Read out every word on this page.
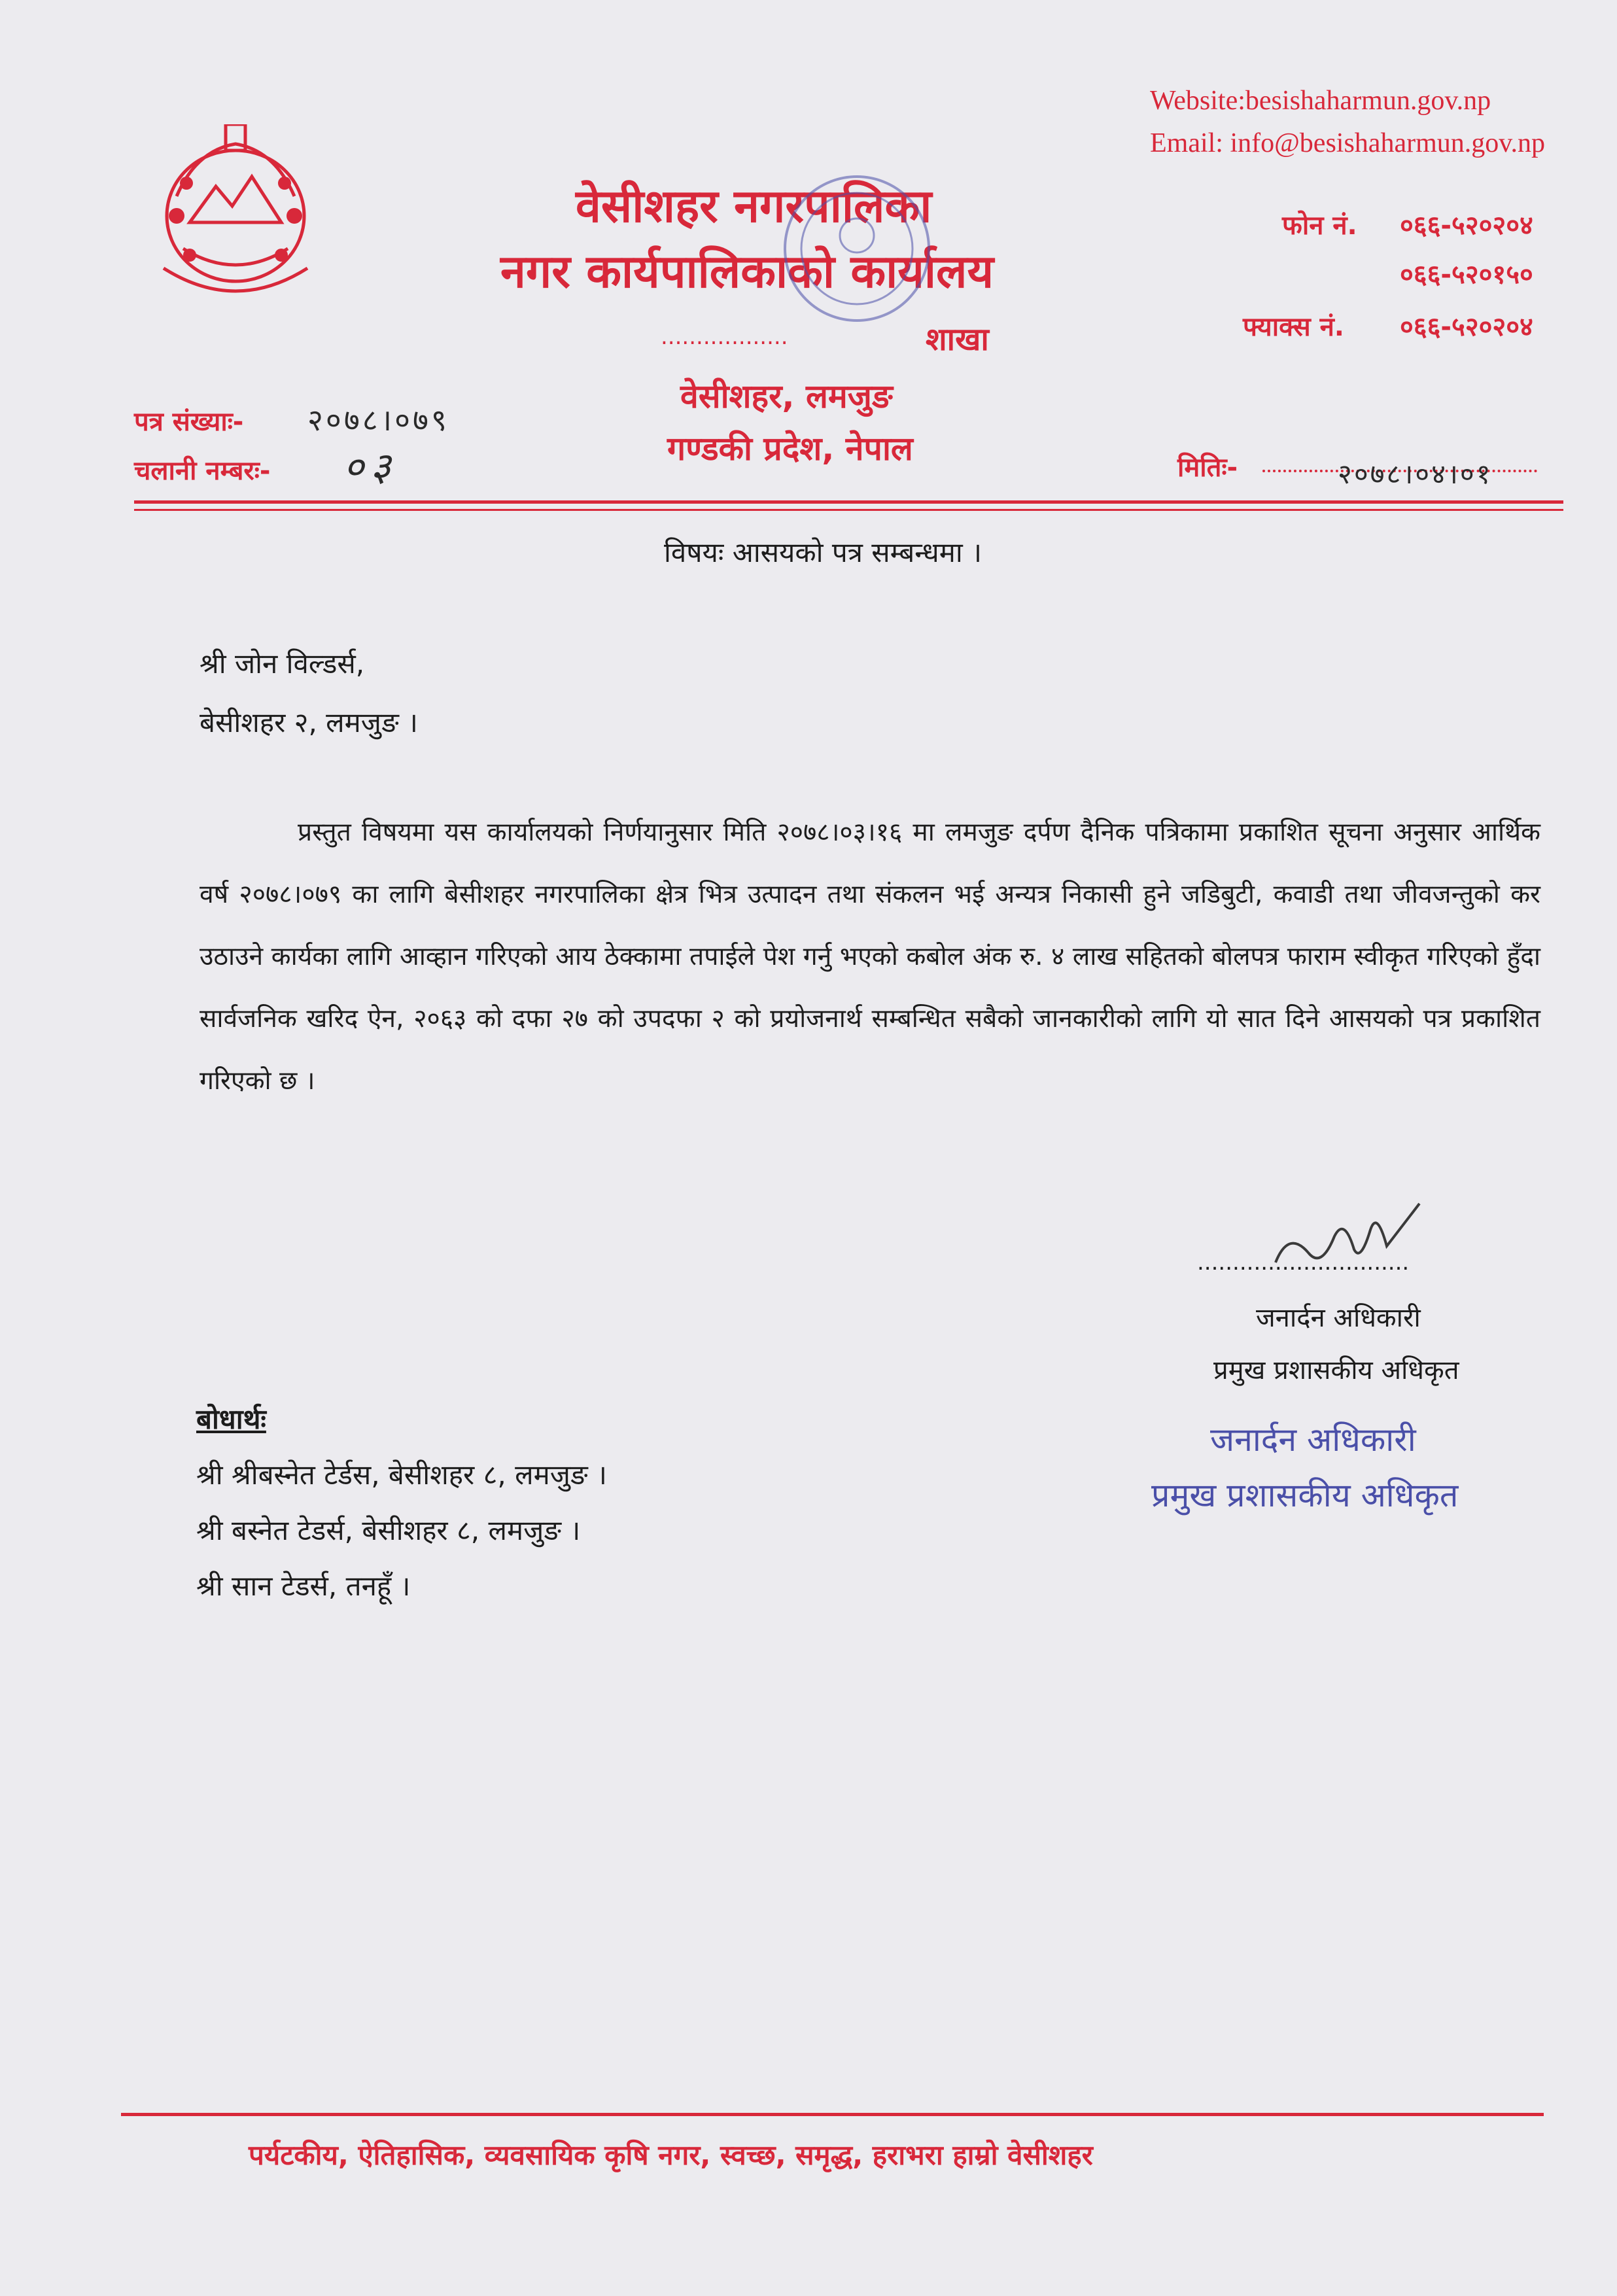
Website:besishaharmun.gov.np
Email: info@besishaharmun.gov.np
वेसीशहर नगरपालिका
नगर कार्यपालिकाको कार्यालय
..................	शाखा
वेसीशहर, लमजुङ
गण्डकी प्रदेश, नेपाल
फोन नं. ०६६-५२०२०४
०६६-५२०१५०
फ्याक्स नं. ०६६-५२०२०४
पत्र संख्याः- २०७८।०७९
चलानी नम्बरः- ०३	मितिः-	२०७८।०४।०१
विषयः आसयको पत्र सम्बन्धमा ।
श्री जोन विल्डर्स,
बेसीशहर २, लमजुङ ।
प्रस्तुत विषयमा यस कार्यालयको निर्णयानुसार मिति २०७८।०३।१६ मा लमजुङ दर्पण दैनिक पत्रिकामा प्रकाशित सूचना अनुसार आर्थिक वर्ष २०७८।०७९ का लागि बेसीशहर नगरपालिका क्षेत्र भित्र उत्पादन तथा संकलन भई अन्यत्र निकासी हुने जडिबुटी, कवाडी तथा जीवजन्तुको कर उठाउने कार्यका लागि आव्हान गरिएको आय ठेक्कामा तपाईले पेश गर्नु भएको कबोल अंक रु. ४ लाख सहितको बोलपत्र फाराम स्वीकृत गरिएको हुँदा सार्वजनिक खरिद ऐन, २०६३ को दफा २७ को उपदफा २ को प्रयोजनार्थ सम्बन्धित सबैको जानकारीको लागि यो सात दिने आसयको पत्र प्रकाशित गरिएको छ ।
..............................
जनार्दन अधिकारी
प्रमुख प्रशासकीय अधिकृत
जनार्दन अधिकारी
प्रमुख प्रशासकीय अधिकृत
बोधार्थः
श्री श्रीबस्नेत टेर्डस, बेसीशहर ८, लमजुङ ।
श्री बस्नेत टेडर्स, बेसीशहर ८, लमजुङ ।
श्री सान टेडर्स, तनहूँ ।
पर्यटकीय, ऐतिहासिक, व्यवसायिक कृषि नगर, स्वच्छ, समृद्ध, हराभरा हाम्रो वेसीशहर
